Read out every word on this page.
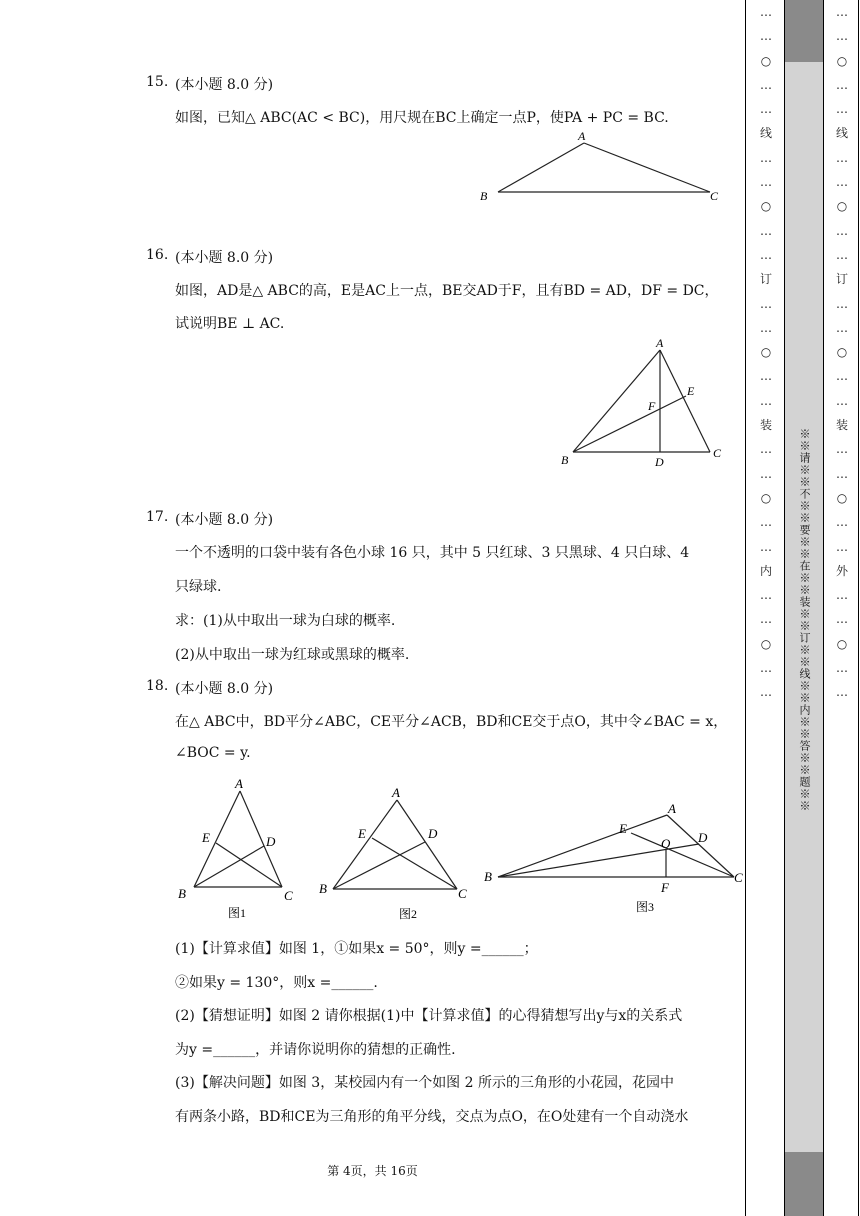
15. (本小题 8.0 分)
如图，已知△ ABC(AC < BC)，用尺规在BC上确定一点P，使PA + PC = BC.
A
B	C
16. (本小题 8.0 分)
如图，AD是△ ABC的高，E是AC上一点，BE交AD于F，且有BD = AD，DF = DC，
试说明BE ⊥ AC.
A
B	C
D
E
F
17. (本小题 8.0 分)
一个不透明的口袋中装有各色小球 16 只，其中 5 只红球、3 只黑球、4 只白球、4
只绿球.
求：(1)从中取出一球为白球的概率.
(2)从中取出一球为红球或黑球的概率.
18. (本小题 8.0 分)
在△ ABC中，BD平分∠ABC，CE平分∠ACB，BD和CE交于点O，其中令∠BAC = x，
∠BOC = y.
A
B	C
D
E
图1
A
B	C
D
E
图2
A
B	C
D
E
O
F
图3
(1)【计算求值】如图 1，①如果x = 50°，则y =______；
②如果y = 130°，则x =______.
(2)【猜想证明】如图 2 请你根据(1)中【计算求值】的心得猜想写出y与x的关系式
为y =______，并请你说明你的猜想的正确性.
(3)【解决问题】如图 3，某校园内有一个如图 2 所示的三角形的小花园，花园中
有两条小路，BD和CE为三角形的角平分线，交点为点O，在O处建有一个自动浇水
第 4页，共 16页
※※请※※不※※要※※在※※装※※订※※线※※内※※答※※题※※
…
…
○
…
…
线
…
…
○
…
…
订
…
…
○
…
…
装
…
…
○
…
…
内
…
…
○
…
…
…
…
○
…
…
线
…
…
○
…
…
订
…
…
○
…
…
装
…
…
○
…
…
外
…
…
○
…
…
